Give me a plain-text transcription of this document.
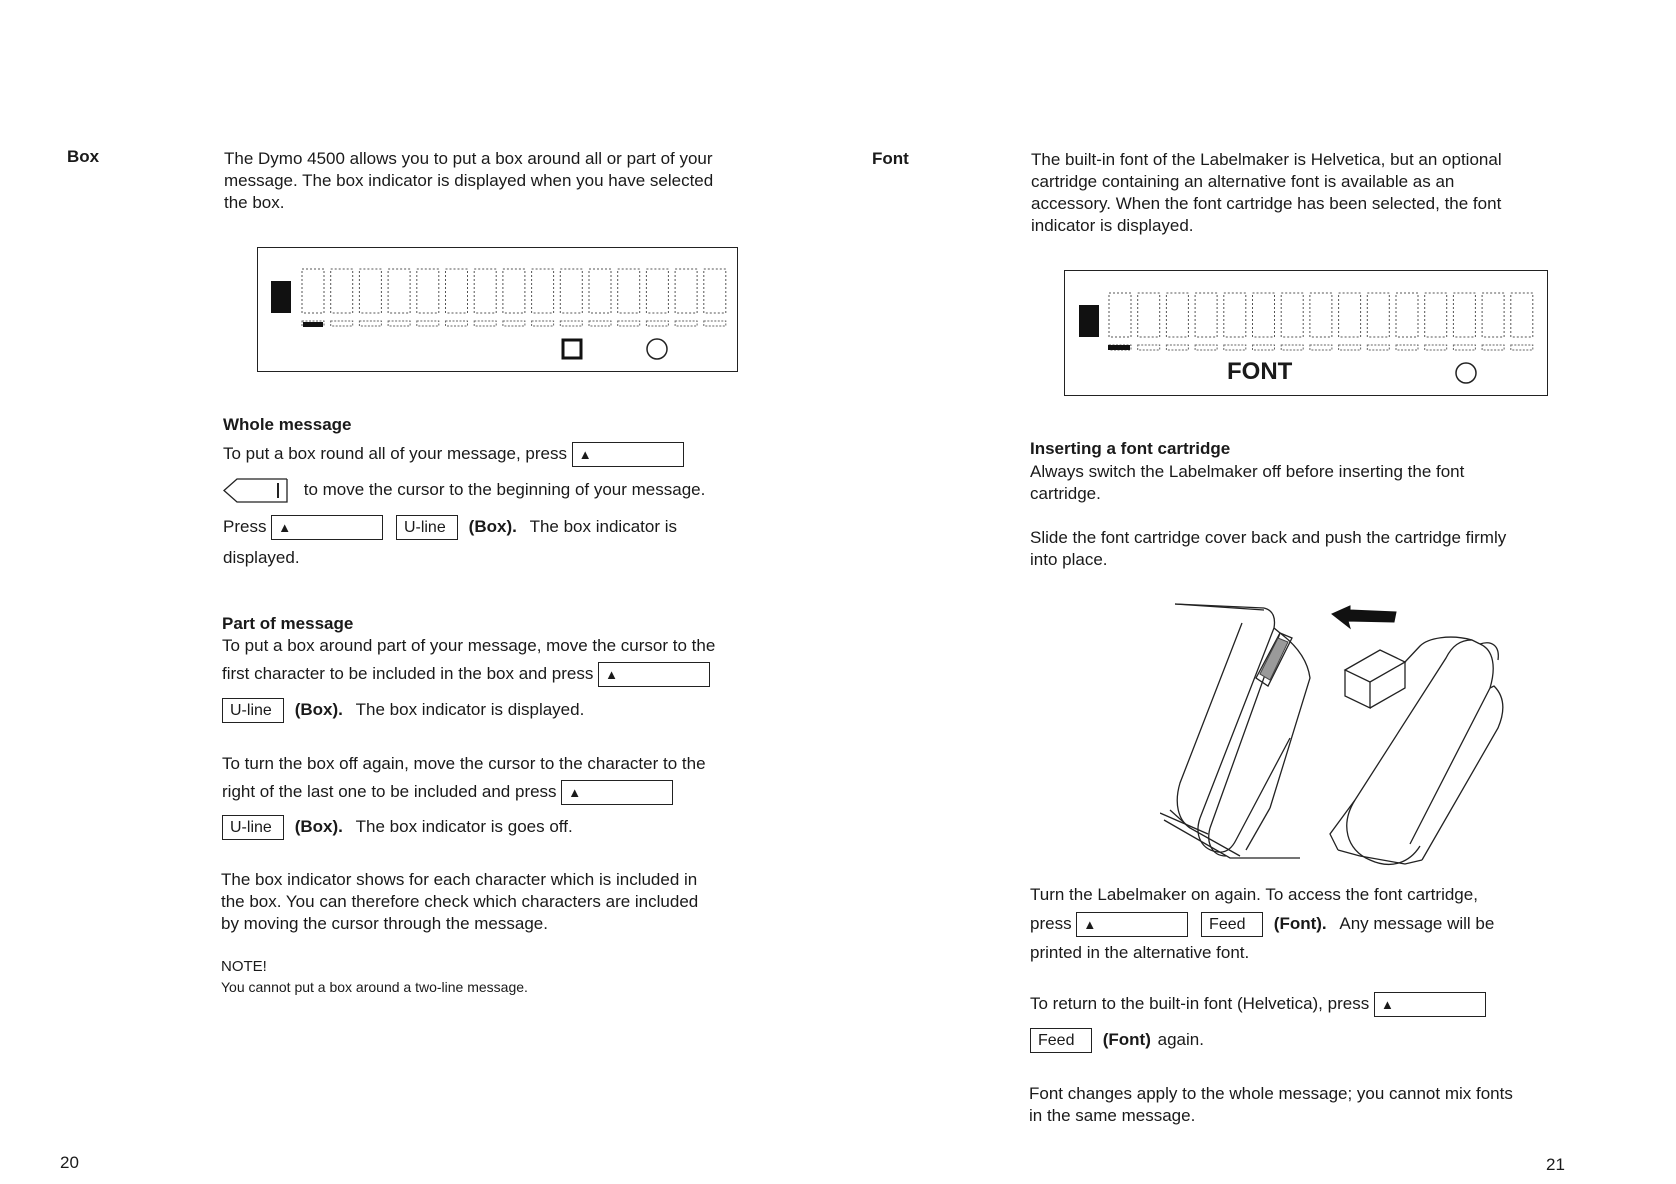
Box	The Dymo 4500 allows you to put a box around all or part of your
message. The box indicator is displayed when you have selected
the box.
Whole message
To put a box round all of your message, press ▲
to move the cursor to the beginning of your message.
Press ▲	U-line (Box). The box indicator is
displayed.
Part of message
To put a box around part of your message, move the cursor to the
first character to be included in the box and press ▲
U-line (Box). The box indicator is displayed.
To turn the box off again, move the cursor to the character to the
right of the last one to be included and press ▲
U-line (Box). The box indicator is goes off.
The box indicator shows for each character which is included in
the box. You can therefore check which characters are included
by moving the cursor through the message.
NOTE!
You cannot put a box around a two-line message.
20
Font	The built-in font of the Labelmaker is Helvetica, but an optional
cartridge containing an alternative font is available as an
accessory. When the font cartridge has been selected, the font
indicator is displayed.
FONT
Inserting a font cartridge
Always switch the Labelmaker off before inserting the font
cartridge.
Slide the font cartridge cover back and push the cartridge firmly
into place.
Turn the Labelmaker on again. To access the font cartridge,
press ▲	Feed (Font). Any message will be
printed in the alternative font.
To return to the built-in font (Helvetica), press ▲
Feed (Font) again.
Font changes apply to the whole message; you cannot mix fonts
in the same message.
21
